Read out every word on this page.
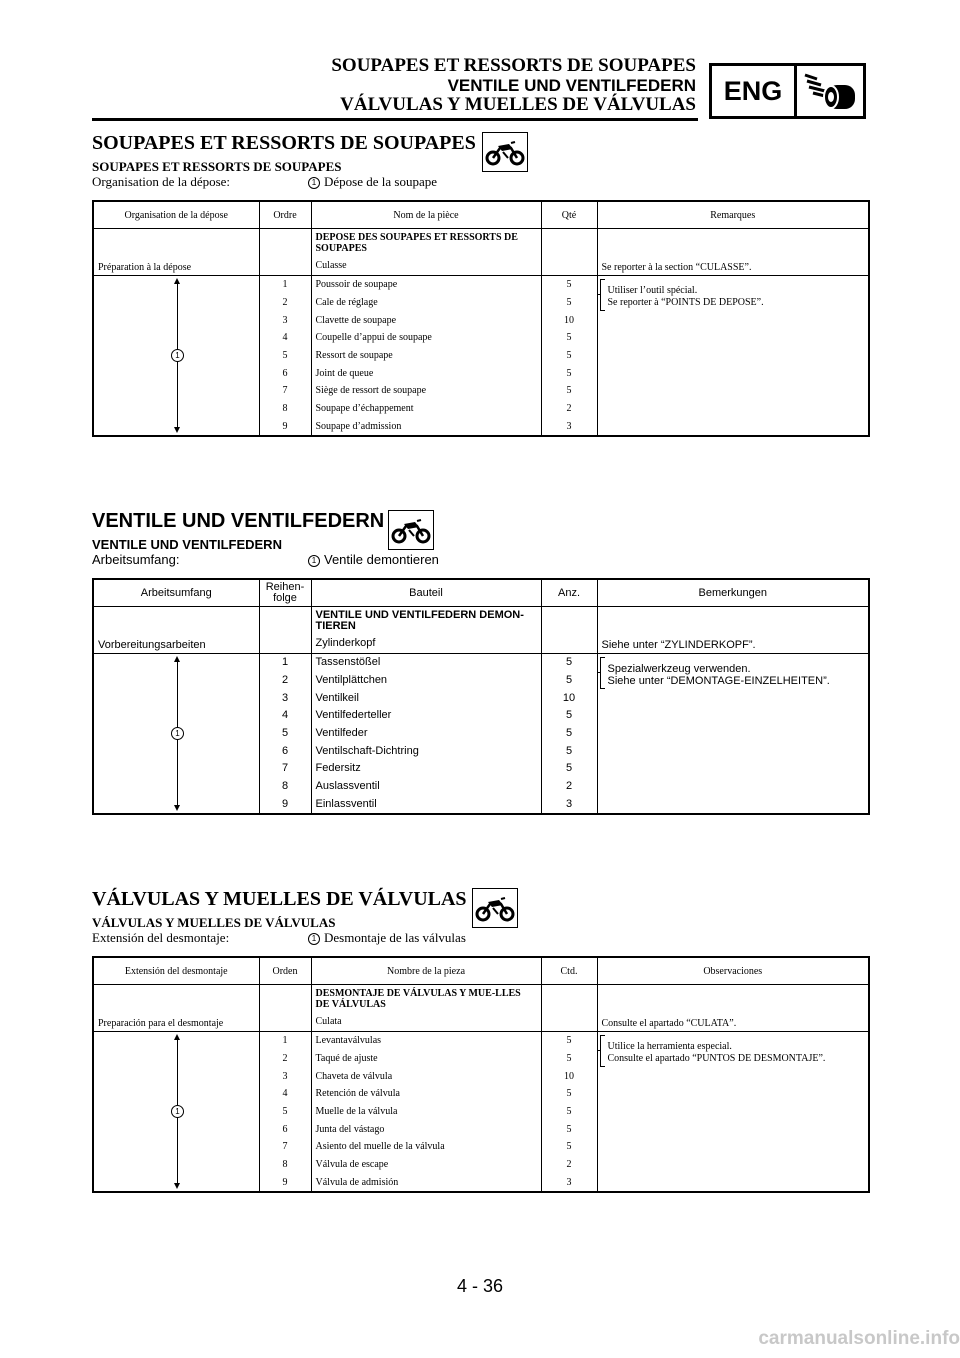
SOUPAPES ET RESSORTS DE SOUPAPES
VENTILE UND VENTILFEDERN
VÁLVULAS Y MUELLES DE VÁLVULAS	ENG
SOUPAPES ET RESSORTS DE SOUPAPES
SOUPAPES ET RESSORTS DE SOUPAPES
Organisation de la dépose:	1 Dépose de la soupape
Organisation de la dépose	Ordre	Nom de la pièce	Qté	Remarques
Préparation à la dépose		DEPOSE DES SOUPAPES ET RESSORTS DE SOUPAPES
Culasse		Se reporter à la section “CULASSE”.

1	1	Poussoir de soupape	5	Utiliser l’outil spécial.
Se reporter à “POINTS DE DEPOSE”.

	2	Cale de réglage	5	
	3	Clavette de soupape	10	
	4	Coupelle d’appui de soupape	5	
	5	Ressort de soupape	5	
	6	Joint de queue	5	
	7	Siège de ressort de soupape	5	
	8	Soupape d’échappement	2	
	9	Soupape d’admission	3	
VENTILE UND VENTILFEDERN
VENTILE UND VENTILFEDERN
Arbeitsumfang:	1 Ventile demontieren
Arbeitsumfang	Reihen-folge	Bauteil	Anz.	Bemerkungen
Vorbereitungsarbeiten		VENTILE UND VENTILFEDERN DEMON-TIEREN
Zylinderkopf		Siehe unter “ZYLINDERKOPF”.

1	1	Tassenstößel	5	Spezialwerkzeug verwenden.
Siehe unter “DEMONTAGE-EINZELHEITEN”.

	2	Ventilplättchen	5	
	3	Ventilkeil	10	
	4	Ventilfederteller	5	
	5	Ventilfeder	5	
	6	Ventilschaft-Dichtring	5	
	7	Federsitz	5	
	8	Auslassventil	2	
	9	Einlassventil	3	
VÁLVULAS Y MUELLES DE VÁLVULAS
VÁLVULAS Y MUELLES DE VÁLVULAS
Extensión del desmontaje:	1 Desmontaje de las válvulas
Extensión del desmontaje	Orden	Nombre de la pieza	Ctd.	Observaciones
Preparación para el desmontaje		DESMONTAJE DE VÁLVULAS Y MUE-LLES DE VÁLVULAS
Culata		Consulte el apartado “CULATA”.

1	1	Levantaválvulas	5	Utilice la herramienta especial.
Consulte el apartado “PUNTOS DE DESMONTAJE”.

	2	Taqué de ajuste	5	
	3	Chaveta de válvula	10	
	4	Retención de válvula	5	
	5	Muelle de la válvula	5	
	6	Junta del vástago	5	
	7	Asiento del muelle de la válvula	5	
	8	Válvula de escape	2	
	9	Válvula de admisión	3	
4 - 36
carmanualsonline.info
